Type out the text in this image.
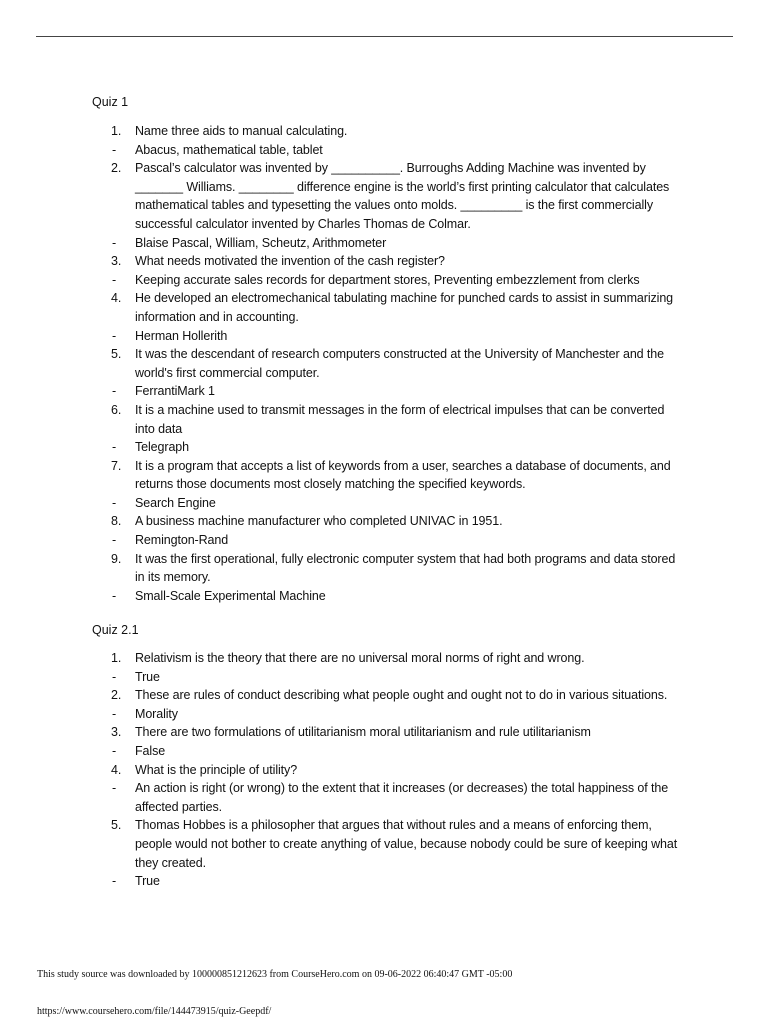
Quiz 1
1. Name three aids to manual calculating.
- Abacus, mathematical table, tablet
2. Pascal’s calculator was invented by __________. Burroughs Adding Machine was invented by _______ Williams. ________ difference engine is the world’s first printing calculator that calculates mathematical tables and typesetting the values onto molds. _________ is the first commercially successful calculator invented by Charles Thomas de Colmar.
- Blaise Pascal, William, Scheutz, Arithmometer
3. What needs motivated the invention of the cash register?
- Keeping accurate sales records for department stores, Preventing embezzlement from clerks
4. He developed an electromechanical tabulating machine for punched cards to assist in summarizing information and in accounting.
- Herman Hollerith
5. It was the descendant of research computers constructed at the University of Manchester and the world's first commercial computer.
- FerrantiMark 1
6. It is a machine used to transmit messages in the form of electrical impulses that can be converted into data
- Telegraph
7. It is a program that accepts a list of keywords from a user, searches a database of documents, and returns those documents most closely matching the specified keywords.
- Search Engine
8. A business machine manufacturer who completed UNIVAC in 1951.
- Remington-Rand
9. It was the first operational, fully electronic computer system that had both programs and data stored in its memory.
- Small-Scale Experimental Machine
Quiz 2.1
1. Relativism is the theory that there are no universal moral norms of right and wrong.
- True
2. These are rules of conduct describing what people ought and ought not to do in various situations.
- Morality
3. There are two formulations of utilitarianism moral utilitarianism and rule utilitarianism
- False
4. What is the principle of utility?
- An action is right (or wrong) to the extent that it increases (or decreases) the total happiness of the affected parties.
5. Thomas Hobbes is a philosopher that argues that without rules and a means of enforcing them, people would not bother to create anything of value, because nobody could be sure of keeping what they created.
- True
This study source was downloaded by 100000851212623 from CourseHero.com on 09-06-2022 06:40:47 GMT -05:00
https://www.coursehero.com/file/144473915/quiz-Geepdf/
